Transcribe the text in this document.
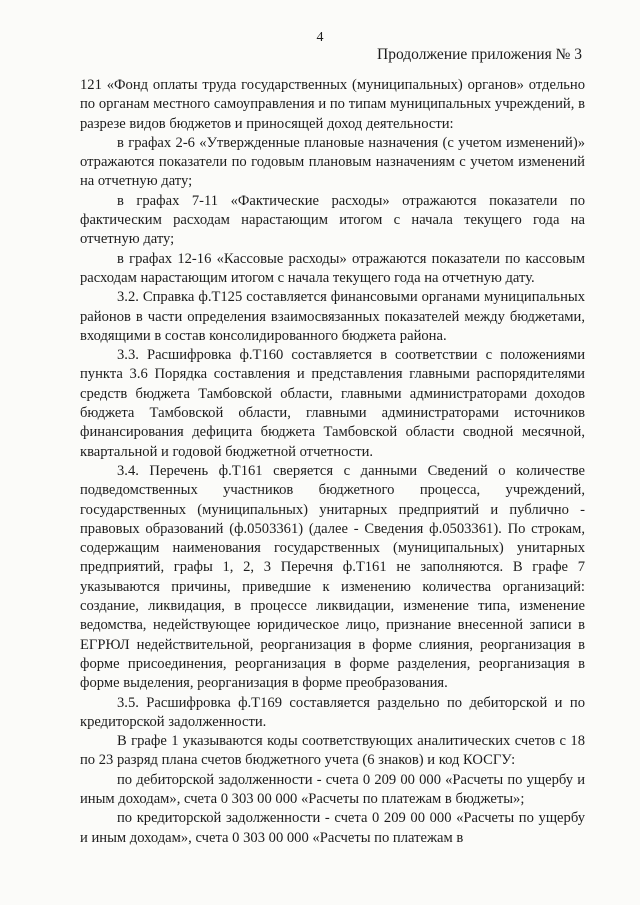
4
Продолжение приложения № 3

121 «Фонд оплаты труда государственных (муниципальных) органов» отдельно по органам местного самоуправления и по типам муниципальных учреждений, в разрезе видов бюджетов и приносящей доход деятельности:

в графах 2-6 «Утвержденные плановые назначения (с учетом изменений)» отражаются показатели по годовым плановым назначениям с учетом изменений на отчетную дату;

в графах 7-11 «Фактические расходы» отражаются показатели по фактическим расходам нарастающим итогом с начала текущего года на отчетную дату;

в графах 12-16 «Кассовые расходы» отражаются показатели по кассовым расходам нарастающим итогом с начала текущего года на отчетную дату.

3.2. Справка ф.Т125 составляется финансовыми органами муниципальных районов в части определения взаимосвязанных показателей между бюджетами, входящими в состав консолидированного бюджета района.

3.3. Расшифровка ф.Т160 составляется в соответствии с положениями пункта 3.6 Порядка составления и представления главными распорядителями средств бюджета Тамбовской области, главными администраторами доходов бюджета Тамбовской области, главными администраторами источников финансирования дефицита бюджета Тамбовской области сводной месячной, квартальной и годовой бюджетной отчетности.

3.4. Перечень ф.Т161 сверяется с данными Сведений о количестве подведомственных участников бюджетного процесса, учреждений, государственных (муниципальных) унитарных предприятий и публично - правовых образований (ф.0503361) (далее - Сведения ф.0503361). По строкам, содержащим наименования государственных (муниципальных) унитарных предприятий, графы 1, 2, 3 Перечня ф.Т161 не заполняются. В графе 7 указываются причины, приведшие к изменению количества организаций: создание, ликвидация, в процессе ликвидации, изменение типа, изменение ведомства, недействующее юридическое лицо, признание внесенной записи в ЕГРЮЛ недействительной, реорганизация в форме слияния, реорганизация в форме присоединения, реорганизация в форме разделения, реорганизация в форме выделения, реорганизация в форме преобразования.

3.5. Расшифровка ф.Т169 составляется раздельно по дебиторской и по кредиторской задолженности.

В графе 1 указываются коды соответствующих аналитических счетов с 18 по 23 разряд плана счетов бюджетного учета (6 знаков) и код КОСГУ:

по дебиторской задолженности - счета 0 209 00 000 «Расчеты по ущербу и иным доходам», счета 0 303 00 000 «Расчеты по платежам в бюджеты»;

по кредиторской задолженности - счета 0 209 00 000 «Расчеты по ущербу и иным доходам», счета 0 303 00 000 «Расчеты по платежам в
